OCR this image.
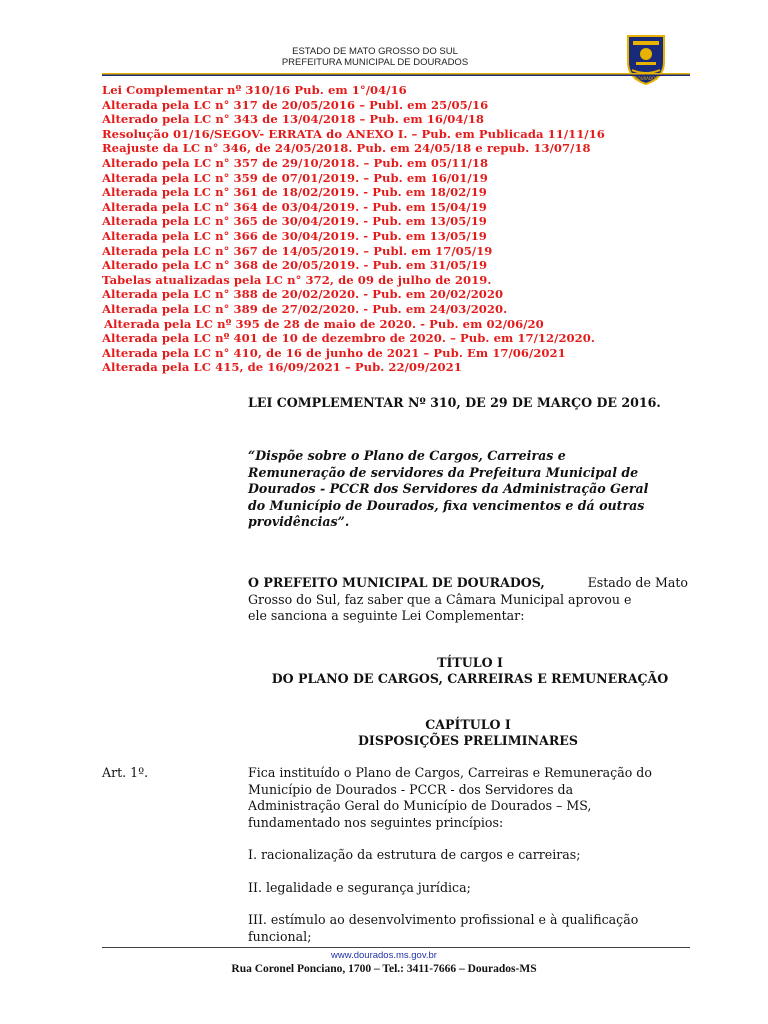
ESTADO DE MATO GROSSO DO SUL
PREFEITURA MUNICIPAL DE DOURADOS
DOURADOS
Lei Complementar nº 310/16 Pub. em 1°/04/16
Alterada pela LC n° 317 de 20/05/2016 – Publ. em 25/05/16
Alterado pela LC n° 343 de 13/04/2018 – Pub. em 16/04/18
Resolução 01/16/SEGOV- ERRATA do ANEXO I. – Pub. em Publicada 11/11/16
Reajuste da LC n° 346, de 24/05/2018. Pub. em 24/05/18 e repub. 13/07/18
Alterado pela LC n° 357 de 29/10/2018. – Pub. em 05/11/18
Alterada pela LC n° 359 de 07/01/2019. – Pub. em 16/01/19
Alterada pela LC n° 361 de 18/02/2019. - Pub. em 18/02/19
Alterada pela LC n° 364 de 03/04/2019. - Pub. em 15/04/19
Alterada pela LC n° 365 de 30/04/2019. - Pub. em 13/05/19
Alterada pela LC n° 366 de 30/04/2019. - Pub. em 13/05/19
Alterada pela LC n° 367 de 14/05/2019. – Publ. em 17/05/19
Alterado pela LC n° 368 de 20/05/2019. - Pub. em 31/05/19
Tabelas atualizadas pela LC n° 372, de 09 de julho de 2019.
Alterada pela LC n° 388 de 20/02/2020. - Pub. em 20/02/2020
Alterada pela LC n° 389 de 27/02/2020. - Pub. em 24/03/2020.
Alterada pela LC nº 395 de 28 de maio de 2020. - Pub. em 02/06/20
Alterada pela LC nº 401 de 10 de dezembro de 2020. – Pub. em 17/12/2020.
Alterada pela LC n° 410, de 16 de junho de 2021 – Pub. Em 17/06/2021
Alterada pela LC 415, de 16/09/2021 – Pub. 22/09/2021
LEI COMPLEMENTAR Nº 310, DE 29 DE MARÇO DE 2016.
“Dispõe sobre o Plano de Cargos, Carreiras e
Remuneração de servidores da Prefeitura Municipal de
Dourados - PCCR dos Servidores da Administração Geral
do Município de Dourados, fixa vencimentos e dá outras
providências”.
O PREFEITO MUNICIPAL DE DOURADOS,	Estado de Mato
Grosso do Sul, faz saber que a Câmara Municipal aprovou e
ele sanciona a seguinte Lei Complementar:
TÍTULO I
DO PLANO DE CARGOS, CARREIRAS E REMUNERAÇÃO
CAPÍTULO I
DISPOSIÇÕES PRELIMINARES
Art. 1º.	Fica instituído o Plano de Cargos, Carreiras e Remuneração do
Município de Dourados - PCCR - dos Servidores da
Administração Geral do Município de Dourados – MS,
fundamentado nos seguintes princípios:
I. racionalização da estrutura de cargos e carreiras;
II. legalidade e segurança jurídica;
III. estímulo ao desenvolvimento profissional e à qualificação
funcional;
www.dourados.ms.gov.br
Rua Coronel Ponciano, 1700 – Tel.: 3411-7666 – Dourados-MS
